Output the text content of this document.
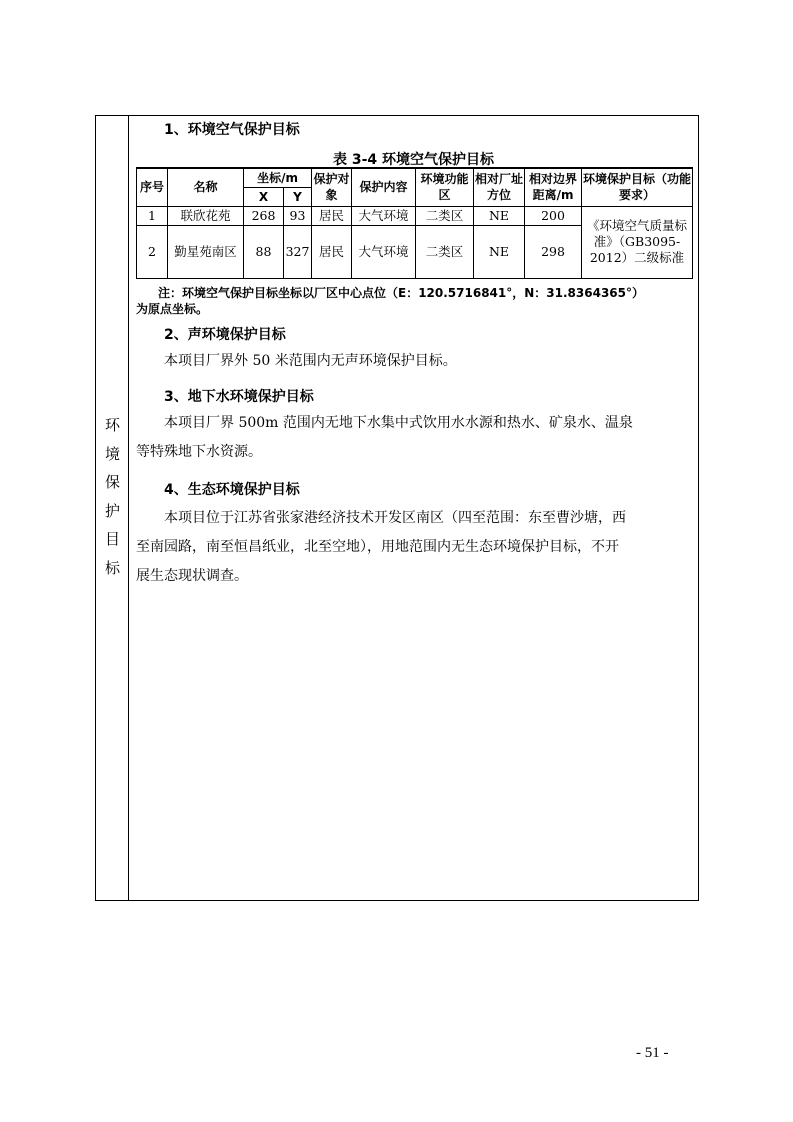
环
境
保
护
目
标
1、环境空气保护目标
表 3-4 环境空气保护目标
序号	名称	坐标/m		保护对象	保护内容	环境功能区	相对厂址方位	相对边界距离/m	环境保护目标（功能要求）
		X	Y						
1	联欣花苑	268	93	居民	大气环境	二类区	NE	200	《环境空气质量标准》（GB3095-2012）二级标准
2	勤星苑南区	88	327	居民	大气环境	二类区	NE	298	
注：环境空气保护目标坐标以厂区中心点位（E：120.5716841°，N：31.8364365°）
为原点坐标。
2、声环境保护目标
本项目厂界外 50 米范围内无声环境保护目标。
3、地下水环境保护目标
本项目厂界 500m 范围内无地下水集中式饮用水水源和热水、矿泉水、温泉
等特殊地下水资源。
4、生态环境保护目标
本项目位于江苏省张家港经济技术开发区南区（四至范围：东至曹沙塘，西
至南园路，南至恒昌纸业，北至空地），用地范围内无生态环境保护目标，不开
展生态现状调查。
- 51 -
